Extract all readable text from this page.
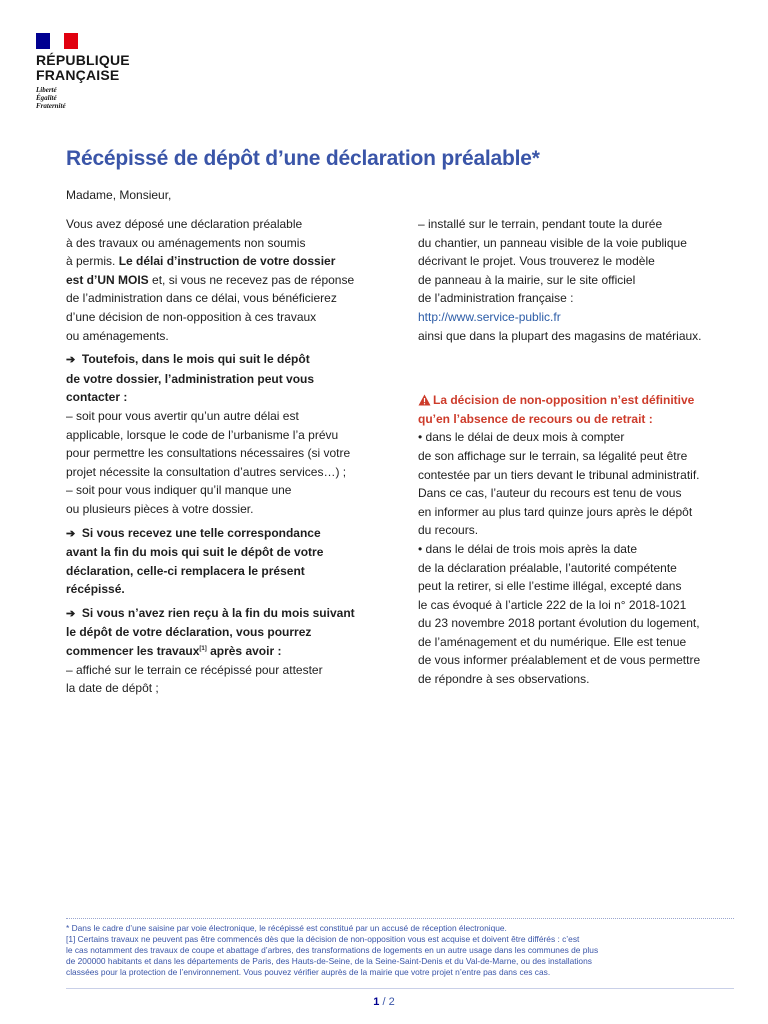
RÉPUBLIQUE
FRANÇAISE
Liberté
Égalité
Fraternité
Récépissé de dépôt d’une déclaration préalable*

Madame, Monsieur,

Vous avez déposé une déclaration préalable
à des travaux ou aménagements non soumis
à permis. Le délai d’instruction de votre dossier
est d’UN MOIS et, si vous ne recevez pas de réponse
de l’administration dans ce délai, vous bénéficierez
d’une décision de non-opposition à ces travaux
ou aménagements.

➔ Toutefois, dans le mois qui suit le dépôt
de votre dossier, l’administration peut vous
contacter :
– soit pour vous avertir qu’un autre délai est
applicable, lorsque le code de l’urbanisme l’a prévu
pour permettre les consultations nécessaires (si votre
projet nécessite la consultation d’autres services…) ;
– soit pour vous indiquer qu’il manque une
ou plusieurs pièces à votre dossier.

➔ Si vous recevez une telle correspondance
avant la fin du mois qui suit le dépôt de votre
déclaration, celle-ci remplacera le présent
récépissé.

➔ Si vous n’avez rien reçu à la fin du mois suivant
le dépôt de votre déclaration, vous pourrez
commencer les travaux[1] après avoir :
– affiché sur le terrain ce récépissé pour attester
la date de dépôt ;

– installé sur le terrain, pendant toute la durée
du chantier, un panneau visible de la voie publique
décrivant le projet. Vous trouverez le modèle
de panneau à la mairie, sur le site officiel
de l’administration française :
http://www.service-public.fr
ainsi que dans la plupart des magasins de matériaux.

La décision de non-opposition n’est définitive
qu’en l’absence de recours ou de retrait :
• dans le délai de deux mois à compter
de son affichage sur le terrain, sa légalité peut être
contestée par un tiers devant le tribunal administratif.
Dans ce cas, l’auteur du recours est tenu de vous
en informer au plus tard quinze jours après le dépôt
du recours.
• dans le délai de trois mois après la date
de la déclaration préalable, l’autorité compétente
peut la retirer, si elle l’estime illégal, excepté dans
le cas évoqué à l’article 222 de la loi n° 2018-1021
du 23 novembre 2018 portant évolution du logement,
de l’aménagement et du numérique. Elle est tenue
de vous informer préalablement et de vous permettre
de répondre à ses observations.

* Dans le cadre d’une saisine par voie électronique, le récépissé est constitué par un accusé de réception électronique.

[1] Certains travaux ne peuvent pas être commencés dès que la décision de non-opposition vous est acquise et doivent être différés : c’est
le cas notamment des travaux de coupe et abattage d’arbres, des transformations de logements en un autre usage dans les communes de plus
de 200000 habitants et dans les départements de Paris, des Hauts-de-Seine, de la Seine-Saint-Denis et du Val-de-Marne, ou des installations
classées pour la protection de l’environnement. Vous pouvez vérifier auprès de la mairie que votre projet n’entre pas dans ces cas.

1 / 2
